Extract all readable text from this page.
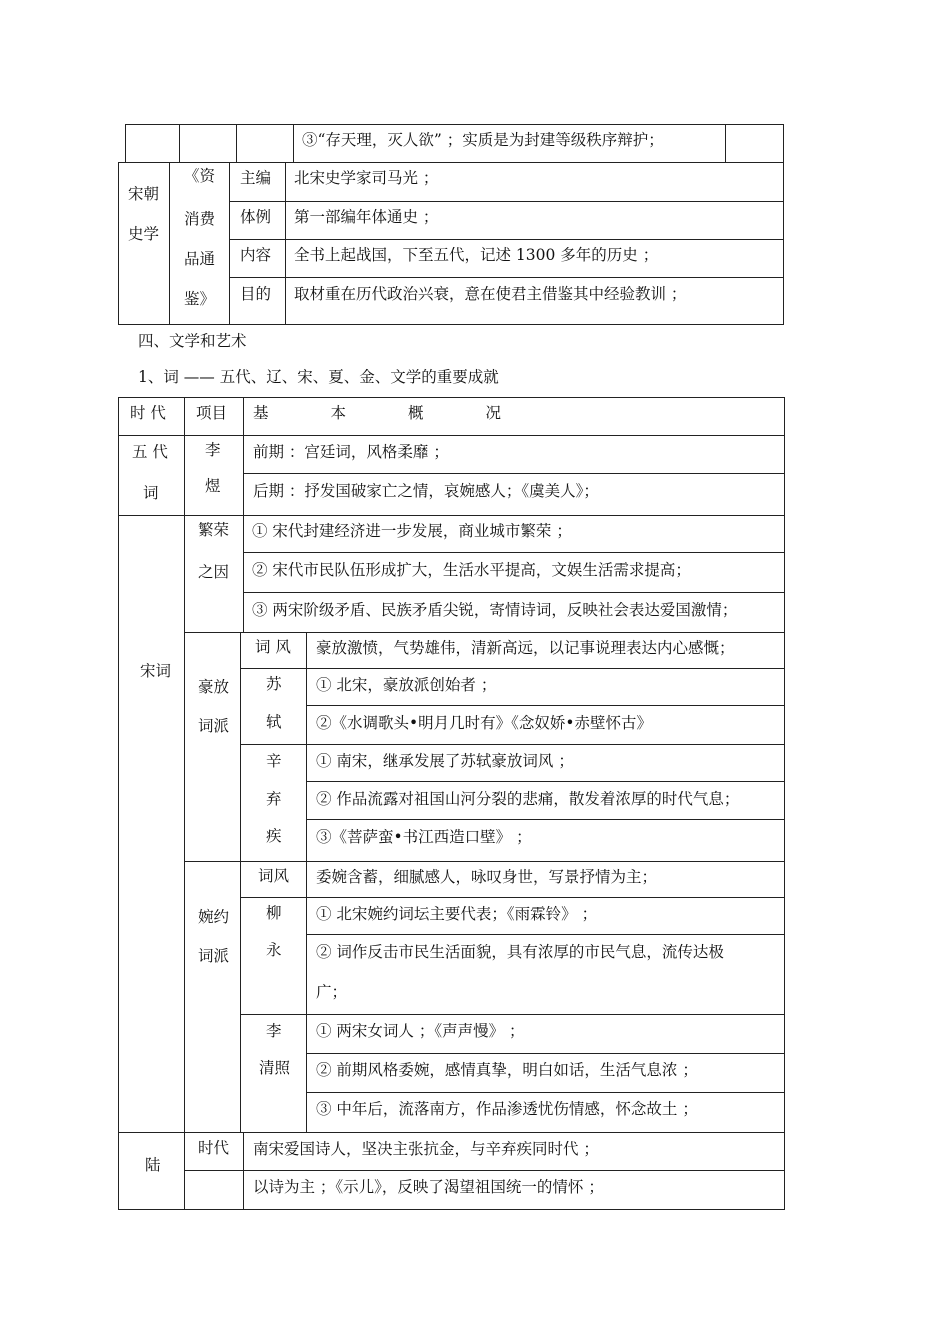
③“存天理，灭人欲” ；实质是为封建等级秩序辩护；
宋朝
史学
《资
消费
品通
鉴》
主编 北宋史学家司马光 ；
体例 第一部编年体通史 ；
内容 全书上起战国，下至五代，记述 1300 多年的历史 ；
目的 取材重在历代政治兴衰，意在使君主借鉴其中经验教训 ；
四、文学和艺术
1、词 —— 五代、辽、宋、夏、金、文学的重要成就
时 代 项目 基　　　　本　　　　概　　　　况
五 代
词
李
煜
前期 ：宫廷词，风格柔靡 ；
后期 ：抒发国破家亡之情，哀婉感人；《虞美人》；
宋词
繁荣
之因
① 宋代封建经济进一步发展，商业城市繁荣 ；
② 宋代市民队伍形成扩大，生活水平提高，文娱生活需求提高；
③ 两宋阶级矛盾、民族矛盾尖锐，寄情诗词，反映社会表达爱国激情；
豪放
词派
词 风 豪放激愤，气势雄伟，清新高远，以记事说理表达内心感慨；
苏
轼
① 北宋，豪放派创始者 ；
②《水调歌头•明月几时有》《念奴娇•赤壁怀古》
辛
弃
疾
① 南宋，继承发展了苏轼豪放词风 ；
② 作品流露对祖国山河分裂的悲痛，散发着浓厚的时代气息；
③《菩萨蛮•书江西造口壁》 ；
婉约
词派
词风 委婉含蓄，细腻感人，咏叹身世，写景抒情为主；
柳
永
① 北宋婉约词坛主要代表；《雨霖铃》 ；
② 词作反击市民生活面貌，具有浓厚的市民气息，流传达极
广；
李
清照
① 两宋女词人 ；《声声慢》 ；
② 前期风格委婉，感情真挚，明白如话，生活气息浓 ；
③ 中年后，流落南方，作品渗透忧伤情感，怀念故土 ；
陆
时代 南宋爱国诗人，坚决主张抗金，与辛弃疾同时代 ；
以诗为主 ；《示儿》，反映了渴望祖国统一的情怀 ；
